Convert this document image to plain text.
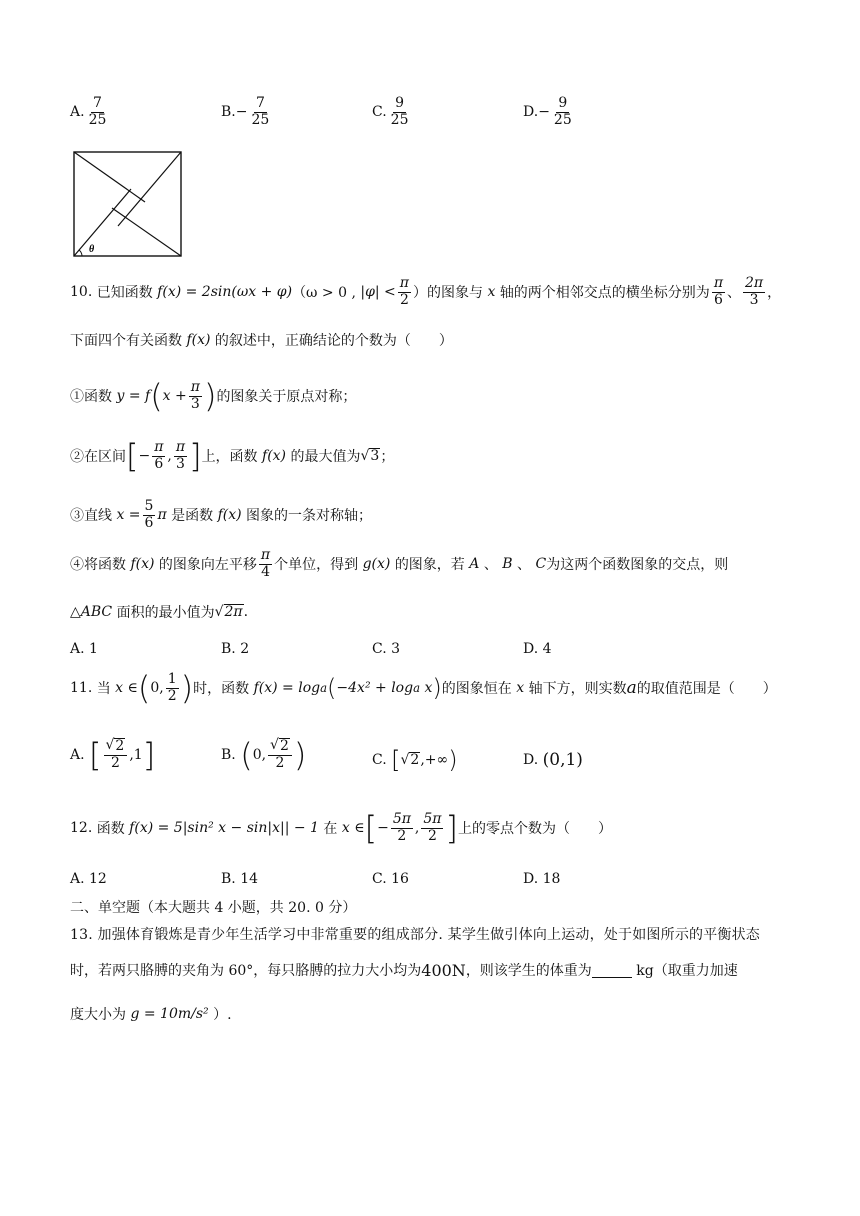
A. $\frac{7}{25}$	B. − $\frac{7}{25}$	C. $\frac{9}{25}$	D. − $\frac{9}{25}$
θ
10.
已知函数
f(x) = 2sin(ωx + φ) （ω > 0 ,
$|\varphi| < \frac{\pi}{2}$ ）的图象与
x
轴的两个相邻交点的横坐标分别为 $\frac{\pi}{6}$ 、 $\frac{2\pi}{3}$ ，
下面四个有关函数
f(x)
的叙述中，正确结论的个数为（　　）
①函数
y = f ( $x + \frac{\pi}{3}$ ) 的图象关于原点对称；
②在区间 [ − $\frac{\pi}{6}$ , $\frac{\pi}{3}$ ] 上，函数
f(x)
的最大值为 √ 3 ；
③直线
$x = \frac{5}{6}$ π
是函数
f(x)
图象的一条对称轴；
④将函数
f(x)
的图象向左平移 $\frac{\pi}{4}$ 个单位，得到
g(x)
的图象，若
A
、
B
、
C 为这两个函数图象的交点，则
△ABC
面积的最小值为 √ 2π .
A. 1	B. 2	C. 3	D. 4
11.
当
x ∈ ( 0, $\frac{1}{2}$ ) 时，函数
f(x) = log a ( −4x² + log a
x ) 的图象恒在
x
轴下方，则实数 a 的取值范围是（　　）
A.
[ $\frac{√ 2}{2} ,1$ ]	B.
( 0, $\frac{√ 2}{2}$ )	C.
[ √ 2 ,+∞ )	D.
(0,1)
12.
函数
f(x) = 5|sin² x − sin|x|| − 1
在
x ∈ [ − $\frac{5\pi}{2}$ , $\frac{5\pi}{2}$ ] 上的零点个数为（　　）
A. 12	B. 14	C. 16	D. 18
二、单空题（本大题共 4 小题，共 20. 0 分）
13. 加强体育锻炼是青少年生活学习中非常重要的组成部分. 某学生做引体向上运动，处于如图所示的平衡状态
时，若两只胳膊的夹角为 60°，每只胳膊的拉力大小均为 400N ，则该学生的体重为
	kg（取重力加速
度大小为
g = 10m/s²
）.
